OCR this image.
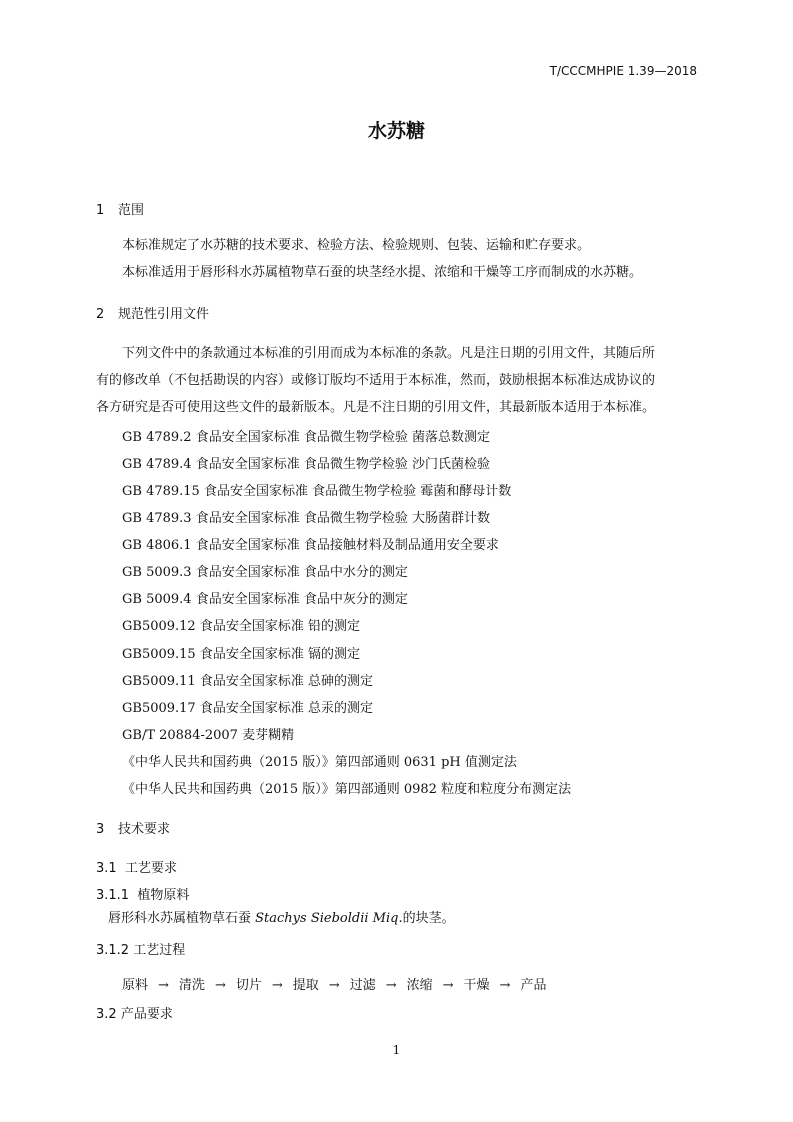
T/CCCMHPIE 1.39—2018
水苏糖
1 范围
本标准规定了水苏糖的技术要求、检验方法、检验规则、包装、运输和贮存要求。
本标准适用于唇形科水苏属植物草石蚕的块茎经水提、浓缩和干燥等工序而制成的水苏糖。
2 规范性引用文件
下列文件中的条款通过本标准的引用而成为本标准的条款。凡是注日期的引用文件，其随后所
有的修改单（不包括勘误的内容）或修订版均不适用于本标准，然而，鼓励根据本标准达成协议的
各方研究是否可使用这些文件的最新版本。凡是不注日期的引用文件，其最新版本适用于本标准。
GB 4789.2 食品安全国家标准 食品微生物学检验 菌落总数测定
GB 4789.4 食品安全国家标准 食品微生物学检验 沙门氏菌检验
GB 4789.15 食品安全国家标准 食品微生物学检验 霉菌和酵母计数
GB 4789.3 食品安全国家标准 食品微生物学检验 大肠菌群计数
GB 4806.1 食品安全国家标准 食品接触材料及制品通用安全要求
GB 5009.3 食品安全国家标准 食品中水分的测定
GB 5009.4 食品安全国家标准 食品中灰分的测定
GB5009.12 食品安全国家标准 铅的测定
GB5009.15 食品安全国家标准 镉的测定
GB5009.11 食品安全国家标准 总砷的测定
GB5009.17 食品安全国家标准 总汞的测定
GB/T 20884-2007 麦芽糊精
《中华人民共和国药典（2015 版）》第四部通则 0631 pH 值测定法
《中华人民共和国药典（2015 版）》第四部通则 0982 粒度和粒度分布测定法
3 技术要求
3.1 工艺要求
3.1.1 植物原料
唇形科水苏属植物草石蚕 Stachys Sieboldii Miq.的块茎。
3.1.2 工艺过程
原料 → 清洗 → 切片 → 提取 → 过滤 → 浓缩 → 干燥 → 产品
3.2 产品要求
1
